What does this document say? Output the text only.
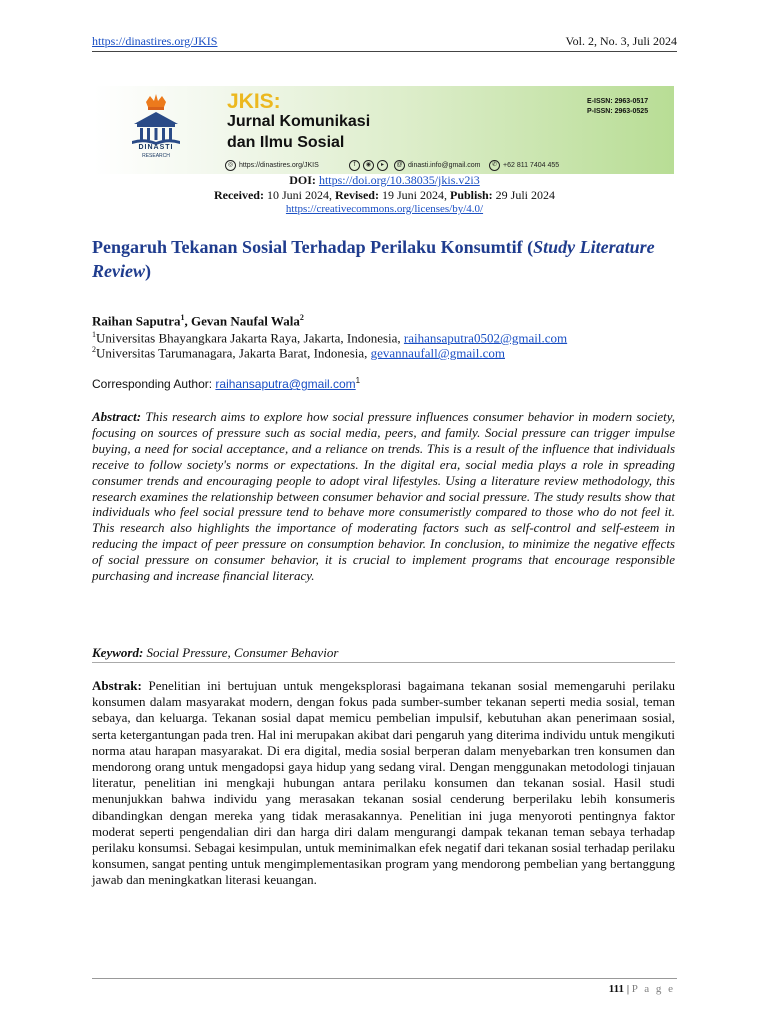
https://dinastires.org/JKIS	Vol. 2, No. 3, Juli 2024
DINASTI
RESEARCH
JKIS:
Jurnal Komunikasi
dan Ilmu Sosial
◎ https://dinastires.org/JKIS	f	◉	▸	@ dinasti.info@gmail.com	✆ +62 811 7404 455
E-ISSN: 2963-0517
P-ISSN: 2963-0525
DOI: https://doi.org/10.38035/jkis.v2i3
Received: 10 Juni 2024, Revised: 19 Juni 2024, Publish: 29 Juli 2024
https://creativecommons.org/licenses/by/4.0/
Pengaruh Tekanan Sosial Terhadap Perilaku Konsumtif (Study Literature Review)
Raihan Saputra$^1$, Gevan Naufal Wala$^2$
$^1$Universitas Bhayangkara Jakarta Raya, Jakarta, Indonesia, raihansaputra0502@gmail.com
$^2$Universitas Tarumanagara, Jakarta Barat, Indonesia, gevannaufall@gmail.com
Corresponding Author: raihansaputra@gmail.com$^1$
Abstract: This research aims to explore how social pressure influences consumer behavior in modern society, focusing on sources of pressure such as social media, peers, and family. Social pressure can trigger impulse buying, a need for social acceptance, and a reliance on trends. This is a result of the influence that individuals receive to follow society's norms or expectations. In the digital era, social media plays a role in spreading consumer trends and encouraging people to adopt viral lifestyles. Using a literature review methodology, this research examines the relationship between consumer behavior and social pressure. The study results show that individuals who feel social pressure tend to behave more consumeristly compared to those who do not feel it. This research also highlights the importance of moderating factors such as self-control and self-esteem in reducing the impact of peer pressure on consumption behavior. In conclusion, to minimize the negative effects of social pressure on consumer behavior, it is crucial to implement programs that encourage responsible purchasing and increase financial literacy.
Keyword: Social Pressure, Consumer Behavior
Abstrak: Penelitian ini bertujuan untuk mengeksplorasi bagaimana tekanan sosial memengaruhi perilaku konsumen dalam masyarakat modern, dengan fokus pada sumber-sumber tekanan seperti media sosial, teman sebaya, dan keluarga. Tekanan sosial dapat memicu pembelian impulsif, kebutuhan akan penerimaan sosial, serta ketergantungan pada tren. Hal ini merupakan akibat dari pengaruh yang diterima individu untuk mengikuti norma atau harapan masyarakat. Di era digital, media sosial berperan dalam menyebarkan tren konsumen dan mendorong orang untuk mengadopsi gaya hidup yang sedang viral. Dengan menggunakan metodologi tinjauan literatur, penelitian ini mengkaji hubungan antara perilaku konsumen dan tekanan sosial. Hasil studi menunjukkan bahwa individu yang merasakan tekanan sosial cenderung berperilaku lebih konsumeris dibandingkan dengan mereka yang tidak merasakannya. Penelitian ini juga menyoroti pentingnya faktor moderat seperti pengendalian diri dan harga diri dalam mengurangi dampak tekanan teman sebaya terhadap perilaku konsumsi. Sebagai kesimpulan, untuk meminimalkan efek negatif dari tekanan sosial terhadap perilaku konsumen, sangat penting untuk mengimplementasikan program yang mendorong pembelian yang bertanggung jawab dan meningkatkan literasi keuangan.
111 | P a g e
